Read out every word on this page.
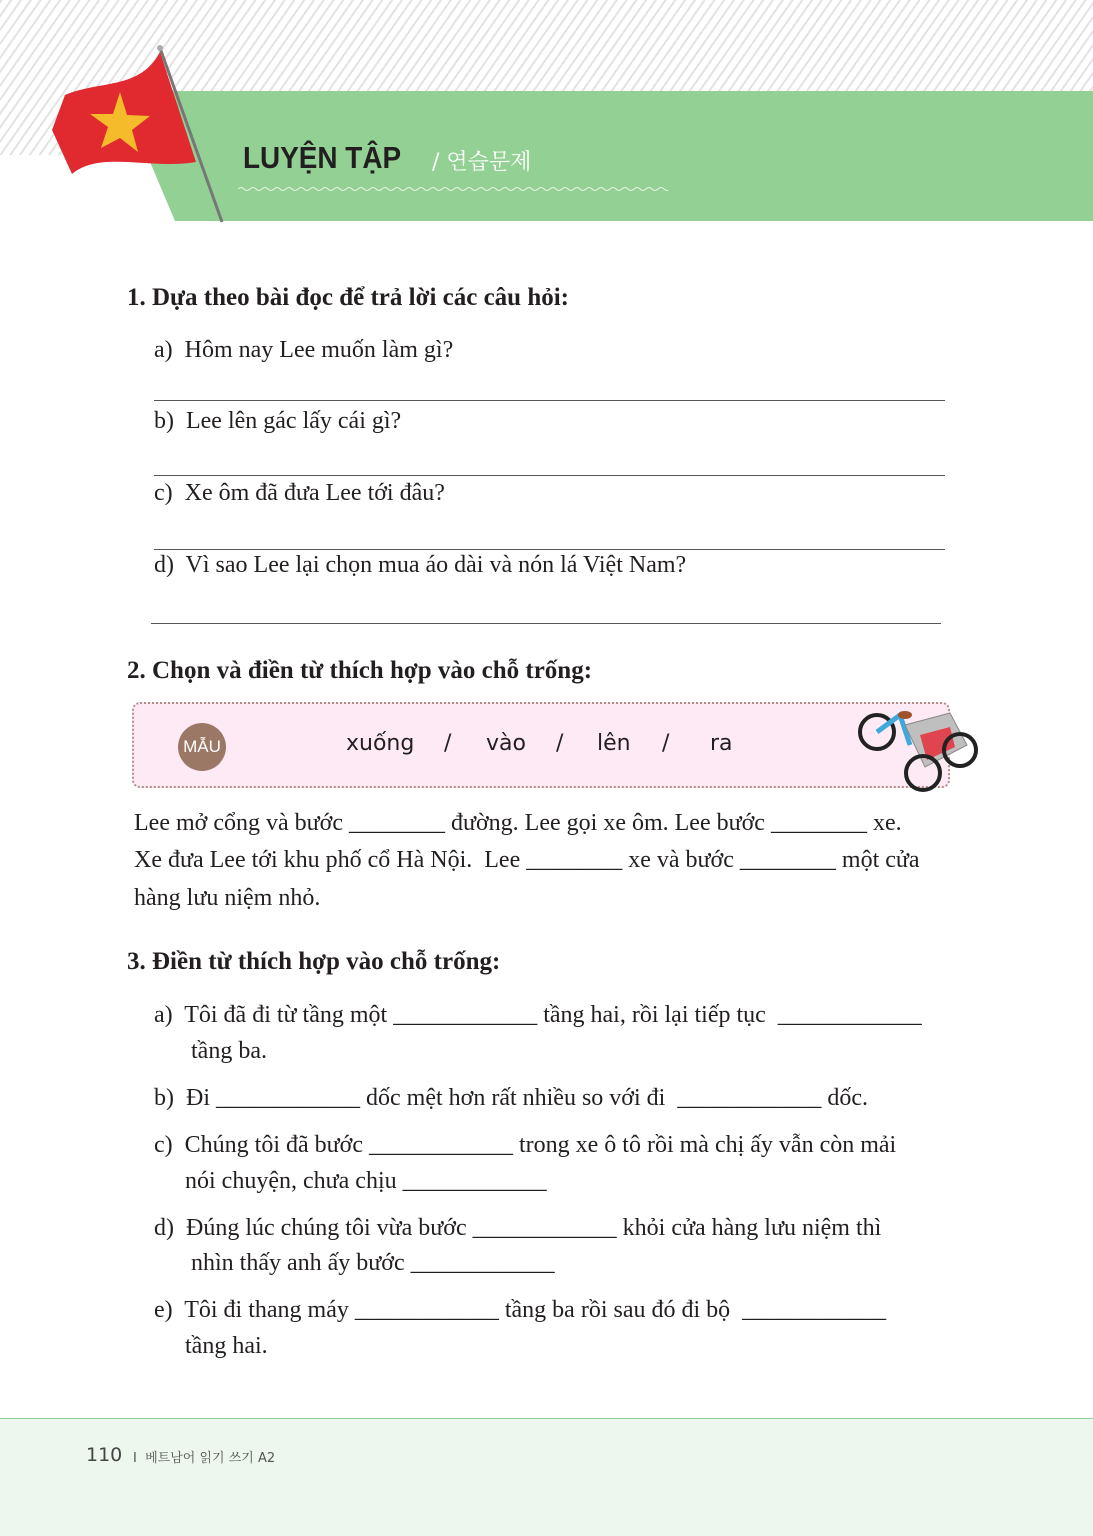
LUYỆN TẬP / 연습문제
1. Dựa theo bài đọc để trả lời các câu hỏi:
a)  Hôm nay Lee muốn làm gì?
b)  Lee lên gác lấy cái gì?
c)  Xe ôm đã đưa Lee tới đâu?
d)  Vì sao Lee lại chọn mua áo dài và nón lá Việt Nam?
2. Chọn và điền từ thích hợp vào chỗ trống:
MẪU	xuống / vào / lên / ra
Lee mở cổng và bước ________ đường. Lee gọi xe ôm. Lee bước ________ xe.
Xe đưa Lee tới khu phố cổ Hà Nội.  Lee ________ xe và bước ________ một cửa
hàng lưu niệm nhỏ.
3. Điền từ thích hợp vào chỗ trống:
a)  Tôi đã đi từ tầng một ____________ tầng hai, rồi lại tiếp tục  ____________
tầng ba.
b)  Đi ____________ dốc mệt hơn rất nhiều so với đi  ____________ dốc.
c)  Chúng tôi đã bước ____________ trong xe ô tô rồi mà chị ấy vẫn còn mải
nói chuyện, chưa chịu ____________
d)  Đúng lúc chúng tôi vừa bước ____________ khỏi cửa hàng lưu niệm thì
nhìn thấy anh ấy bước ____________
e)  Tôi đi thang máy ____________ tầng ba rồi sau đó đi bộ  ____________
tầng hai.
110 I  베트남어 읽기 쓰기 A2
